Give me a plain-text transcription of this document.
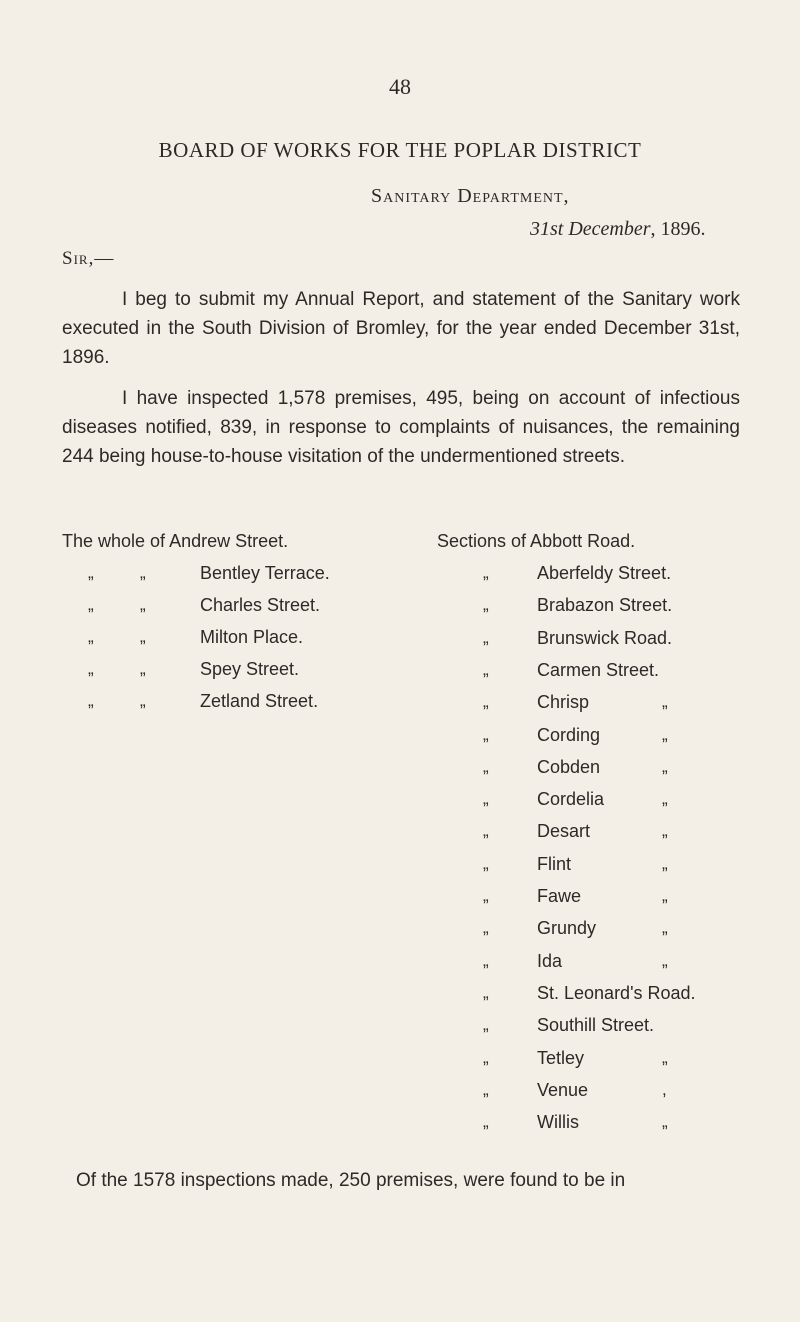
48
BOARD OF WORKS FOR THE POPLAR DISTRICT
Sanitary Department,
31st December, 1896.
Sir,—
I beg to submit my Annual Report, and statement of the Sanitary work executed in the South Division of Bromley, for the year ended December 31st, 1896.
I have inspected 1,578 premises, 495, being on account of infectious diseases notified, 839, in response to complaints of nuisances, the remaining 244 being house-to-house visitation of the undermentioned streets.
The whole of Andrew Street.
„	„	Bentley Terrace.
„	„	Charles Street.
„	„	Milton Place.
„	„	Spey Street.
„	„	Zetland Street.
Sections of Abbott Road.
„	Aberfeldy Street.
„	Brabazon Street.
„	Brunswick Road.
„	Carmen Street.
„	Chrisp	„
„	Cording	„
„	Cobden	„
„	Cordelia	„
„	Desart	„
„	Flint	„
„	Fawe	„
„	Grundy	„
„	Ida	„
„	St. Leonard's Road.
„	Southill Street.
„	Tetley	„
„	Venue	,
„	Willis	„
Of the 1578 inspections made, 250 premises, were found to be in
